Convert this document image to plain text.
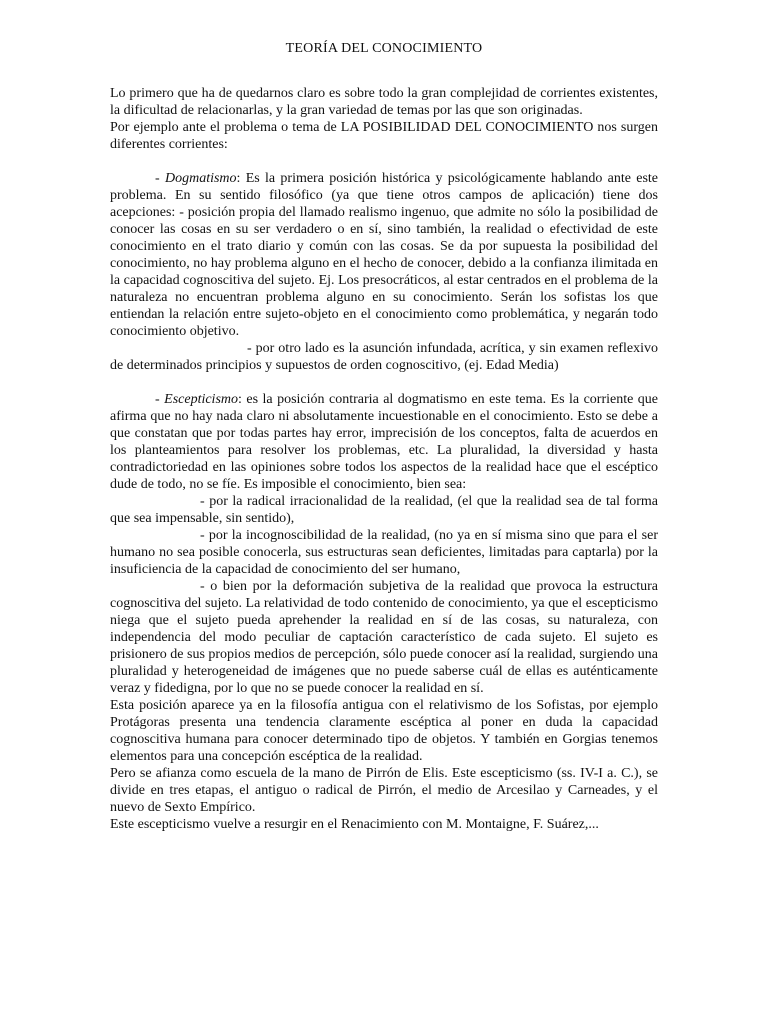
TEORÍA DEL CONOCIMIENTO

Lo primero que ha de quedarnos claro es sobre todo la gran complejidad de corrientes existentes, la dificultad de relacionarlas, y la gran variedad de temas por las que son originadas.

Por ejemplo ante el problema o tema de LA POSIBILIDAD DEL CONOCIMIENTO nos surgen diferentes corrientes:

- Dogmatismo: Es la primera posición histórica y psicológicamente hablando ante este problema. En su sentido filosófico (ya que tiene otros campos de aplicación) tiene dos acepciones: - posición propia del llamado realismo ingenuo, que admite no sólo la posibilidad de conocer las cosas en su ser verdadero o en sí, sino también, la realidad o efectividad de este conocimiento en el trato diario y común con las cosas. Se da por supuesta la posibilidad del conocimiento, no hay problema alguno en el hecho de conocer, debido a la confianza ilimitada en la capacidad cognoscitiva del sujeto. Ej. Los presocráticos, al estar centrados en el problema de la naturaleza no encuentran problema alguno en su conocimiento. Serán los sofistas los que entiendan la relación entre sujeto-objeto en el conocimiento como problemática, y negarán todo conocimiento objetivo.

- por otro lado es la asunción infundada, acrítica, y sin examen reflexivo de determinados principios y supuestos de orden cognoscitivo, (ej. Edad Media)

- Escepticismo: es la posición contraria al dogmatismo en este tema. Es la corriente que afirma que no hay nada claro ni absolutamente incuestionable en el conocimiento. Esto se debe a que constatan que por todas partes hay error, imprecisión de los conceptos, falta de acuerdos en los planteamientos para resolver los problemas, etc. La pluralidad, la diversidad y hasta contradictoriedad en las opiniones sobre todos los aspectos de la realidad hace que el escéptico dude de todo, no se fíe. Es imposible el conocimiento, bien sea:

- por la radical irracionalidad de la realidad, (el que la realidad sea de tal forma que sea impensable, sin sentido),

- por la incognoscibilidad de la realidad, (no ya en sí misma sino que para el ser humano no sea posible conocerla, sus estructuras sean deficientes, limitadas para captarla) por la insuficiencia de la capacidad de conocimiento del ser humano,

- o bien por la deformación subjetiva de la realidad que provoca la estructura cognoscitiva del sujeto. La relatividad de todo contenido de conocimiento, ya que el escepticismo niega que el sujeto pueda aprehender la realidad en sí de las cosas, su naturaleza, con independencia del modo peculiar de captación característico de cada sujeto. El sujeto es prisionero de sus propios medios de percepción, sólo puede conocer así la realidad, surgiendo una pluralidad y heterogeneidad de imágenes que no puede saberse cuál de ellas es auténticamente veraz y fidedigna, por lo que no se puede conocer la realidad en sí.

Esta posición aparece ya en la filosofía antigua con el relativismo de los Sofistas, por ejemplo Protágoras presenta una tendencia claramente escéptica al poner en duda la capacidad cognoscitiva humana para conocer determinado tipo de objetos. Y también en Gorgias tenemos elementos para una concepción escéptica de la realidad.

Pero se afianza como escuela de la mano de Pirrón de Elis. Este escepticismo (ss. IV-I a. C.), se divide en tres etapas, el antiguo o radical de Pirrón, el medio de Arcesilao y Carneades, y el nuevo de Sexto Empírico.

Este escepticismo vuelve a resurgir en el Renacimiento con M. Montaigne, F. Suárez,...
